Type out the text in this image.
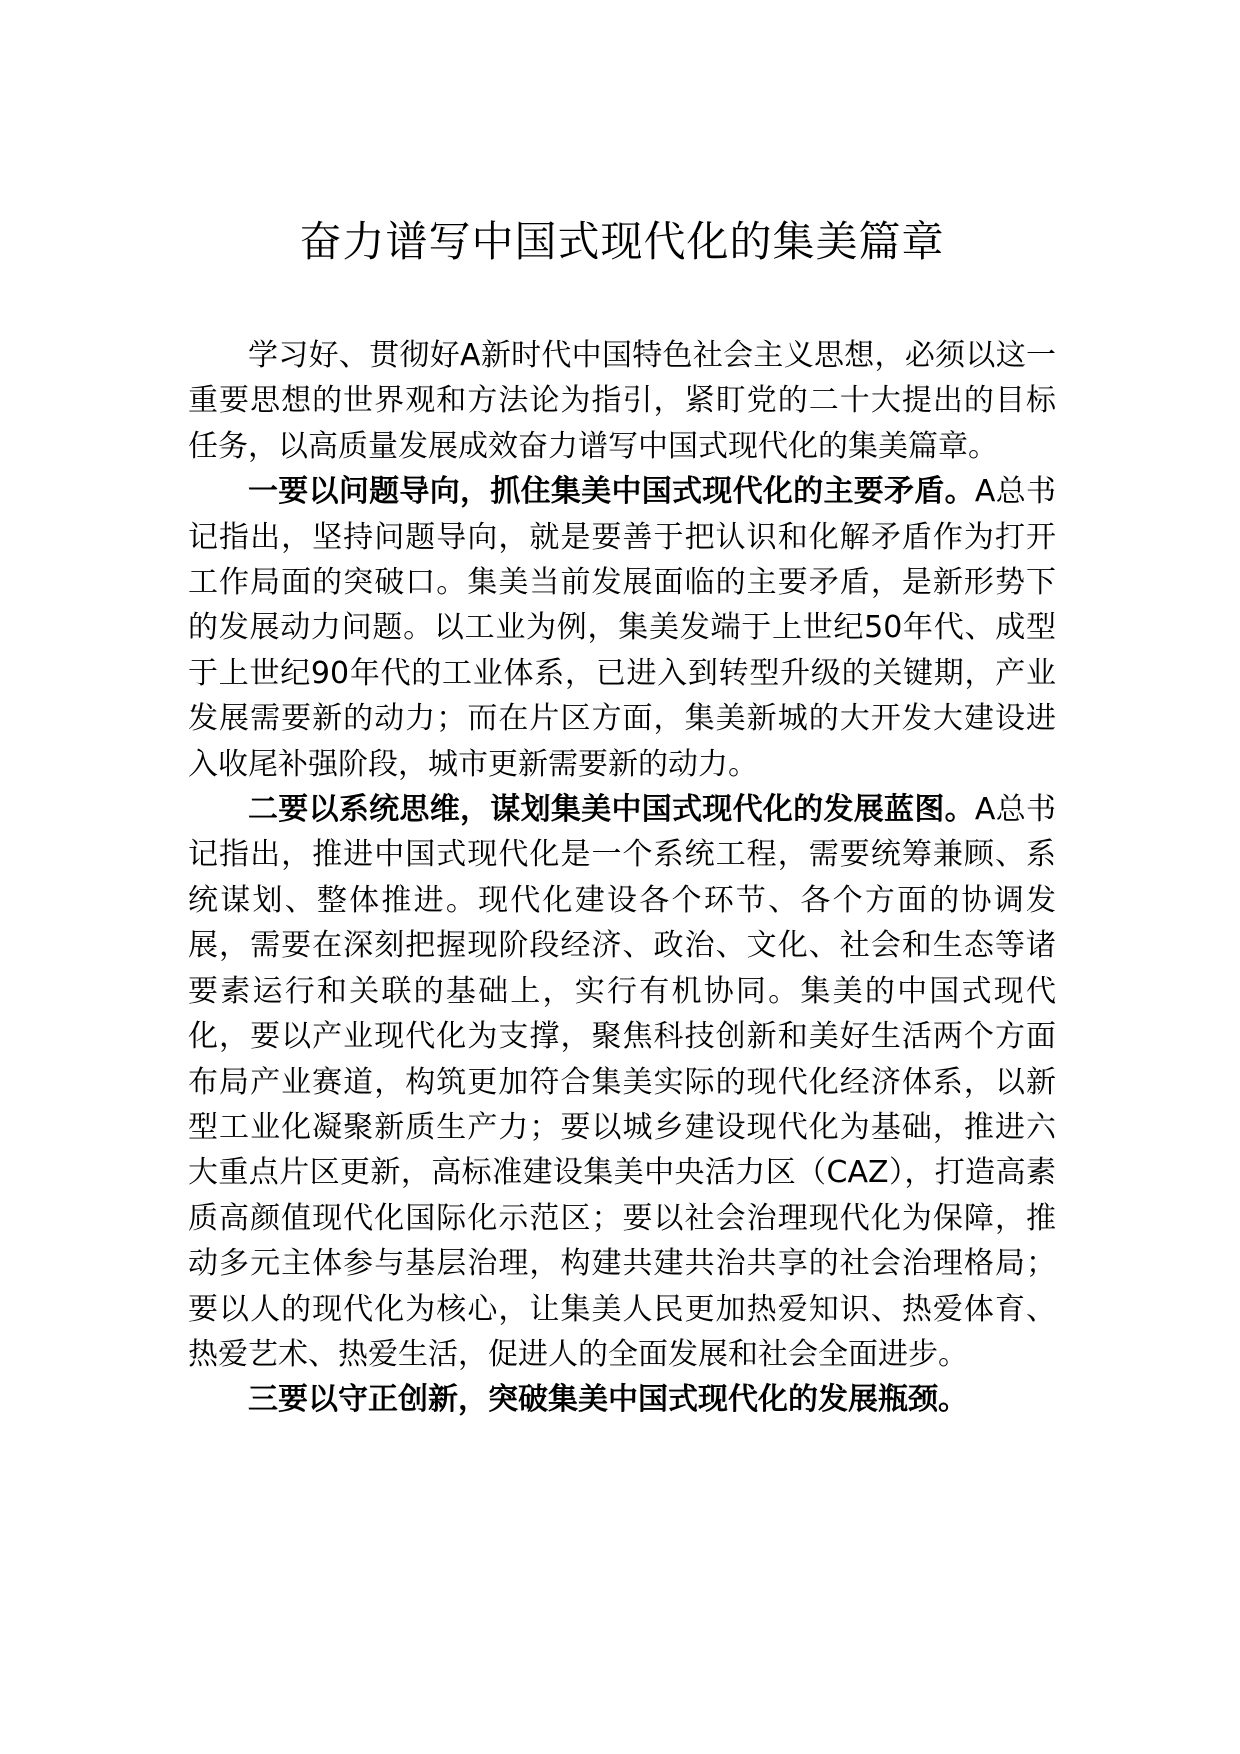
奋力谱写中国式现代化的集美篇章

学习好、贯彻好A新时代中国特色社会主义思想，必须以这一重要思想的世界观和方法论为指引，紧盯党的二十大提出的目标任务，以高质量发展成效奋力谱写中国式现代化的集美篇章。

一要以问题导向，抓住集美中国式现代化的主要矛盾。A总书记指出，坚持问题导向，就是要善于把认识和化解矛盾作为打开工作局面的突破口。集美当前发展面临的主要矛盾，是新形势下的发展动力问题。以工业为例，集美发端于上世纪50年代、成型于上世纪90年代的工业体系，已进入到转型升级的关键期，产业发展需要新的动力；而在片区方面，集美新城的大开发大建设进入收尾补强阶段，城市更新需要新的动力。

二要以系统思维，谋划集美中国式现代化的发展蓝图。A总书记指出，推进中国式现代化是一个系统工程，需要统筹兼顾、系统谋划、整体推进。现代化建设各个环节、各个方面的协调发展，需要在深刻把握现阶段经济、政治、文化、社会和生态等诸要素运行和关联的基础上，实行有机协同。集美的中国式现代化，要以产业现代化为支撑，聚焦科技创新和美好生活两个方面布局产业赛道，构筑更加符合集美实际的现代化经济体系，以新型工业化凝聚新质生产力；要以城乡建设现代化为基础，推进六大重点片区更新，高标准建设集美中央活力区（CAZ），打造高素质高颜值现代化国际化示范区；要以社会治理现代化为保障，推动多元主体参与基层治理，构建共建共治共享的社会治理格局；要以人的现代化为核心，让集美人民更加热爱知识、热爱体育、热爱艺术、热爱生活，促进人的全面发展和社会全面进步。

三要以守正创新，突破集美中国式现代化的发展瓶颈。
